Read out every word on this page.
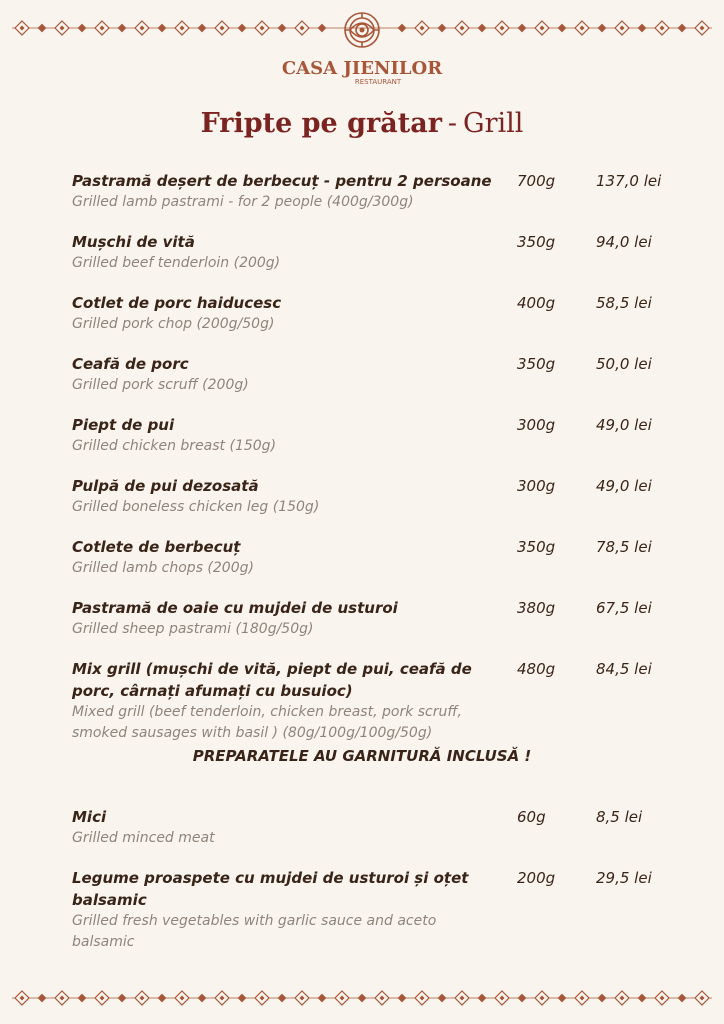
CASA JIENILOR
RESTAURANT
Fripte pe grătar - Grill
Pastramă deșert de berbecuț - pentru 2 persoane
Grilled lamb pastrami - for 2 people (400g/300g)
700g	137,0 lei
Mușchi de vită
Grilled beef tenderloin (200g)
350g	94,0 lei
Cotlet de porc haiducesc
Grilled pork chop (200g/50g)
400g	58,5 lei
Ceafă de porc
Grilled pork scruff (200g)
350g	50,0 lei
Piept de pui
Grilled chicken breast (150g)
300g	49,0 lei
Pulpă de pui dezosată
Grilled boneless chicken leg (150g)
300g	49,0 lei
Cotlete de berbecuț
Grilled lamb chops (200g)
350g	78,5 lei
Pastramă de oaie cu mujdei de usturoi
Grilled sheep pastrami (180g/50g)
380g	67,5 lei
Mix grill (mușchi de vită, piept de pui, ceafă de porc, cârnați afumați cu busuioc)
Mixed grill (beef tenderloin, chicken breast, pork scruff, smoked sausages with basil ) (80g/100g/100g/50g)
480g	84,5 lei
PREPARATELE AU GARNITURĂ INCLUSĂ !
Mici
Grilled minced meat
60g	8,5 lei
Legume proaspete cu mujdei de usturoi și oțet balsamic
Grilled fresh vegetables with garlic sauce and aceto balsamic
200g	29,5 lei
